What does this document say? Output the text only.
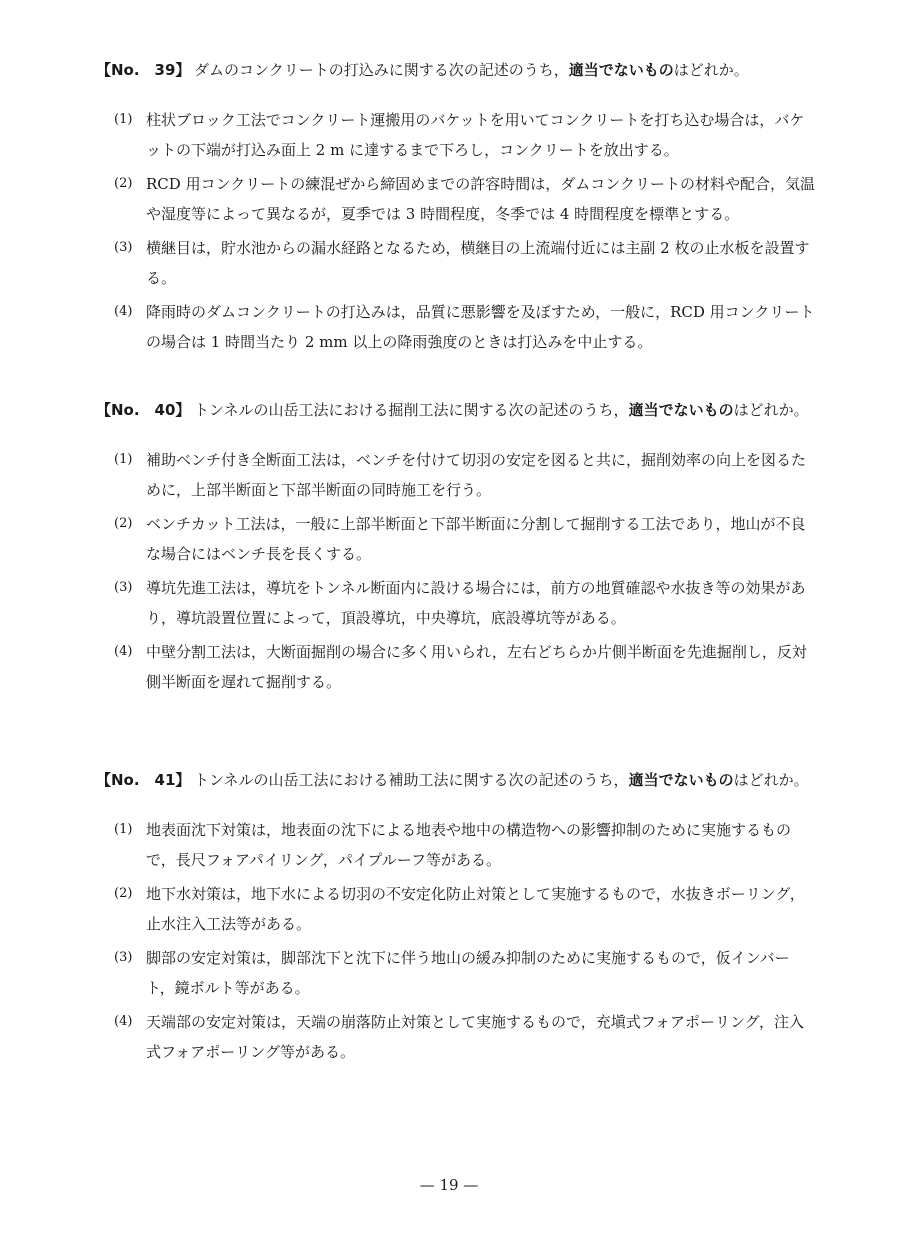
【No.　39】 ダムのコンクリートの打込みに関する次の記述のうち，適当でないものはどれか。
(1) 柱状ブロック工法でコンクリート運搬用のバケットを用いてコンクリートを打ち込む場合は，バケットの下端が打込み面上 2 m に達するまで下ろし，コンクリートを放出する。
(2) RCD 用コンクリートの練混ぜから締固めまでの許容時間は，ダムコンクリートの材料や配合，気温や湿度等によって異なるが，夏季では 3 時間程度，冬季では 4 時間程度を標準とする。
(3) 横継目は，貯水池からの漏水経路となるため，横継目の上流端付近には主副 2 枚の止水板を設置する。
(4) 降雨時のダムコンクリートの打込みは，品質に悪影響を及ぼすため，一般に，RCD 用コンクリートの場合は 1 時間当たり 2 mm 以上の降雨強度のときは打込みを中止する。
【No.　40】 トンネルの山岳工法における掘削工法に関する次の記述のうち，適当でないものはどれか。
(1) 補助ベンチ付き全断面工法は，ベンチを付けて切羽の安定を図ると共に，掘削効率の向上を図るために，上部半断面と下部半断面の同時施工を行う。
(2) ベンチカット工法は，一般に上部半断面と下部半断面に分割して掘削する工法であり，地山が不良な場合にはベンチ長を長くする。
(3) 導坑先進工法は，導坑をトンネル断面内に設ける場合には，前方の地質確認や水抜き等の効果があり，導坑設置位置によって，頂設導坑，中央導坑，底設導坑等がある。
(4) 中壁分割工法は，大断面掘削の場合に多く用いられ，左右どちらか片側半断面を先進掘削し，反対側半断面を遅れて掘削する。
【No.　41】 トンネルの山岳工法における補助工法に関する次の記述のうち，適当でないものはどれか。
(1) 地表面沈下対策は，地表面の沈下による地表や地中の構造物への影響抑制のために実施するもので，長尺フォアパイリング，パイプルーフ等がある。
(2) 地下水対策は，地下水による切羽の不安定化防止対策として実施するもので，水抜きボーリング，止水注入工法等がある。
(3) 脚部の安定対策は，脚部沈下と沈下に伴う地山の緩み抑制のために実施するもので，仮インバート，鏡ボルト等がある。
(4) 天端部の安定対策は，天端の崩落防止対策として実施するもので，充塡式フォアポーリング，注入式フォアポーリング等がある。
— 19 —
